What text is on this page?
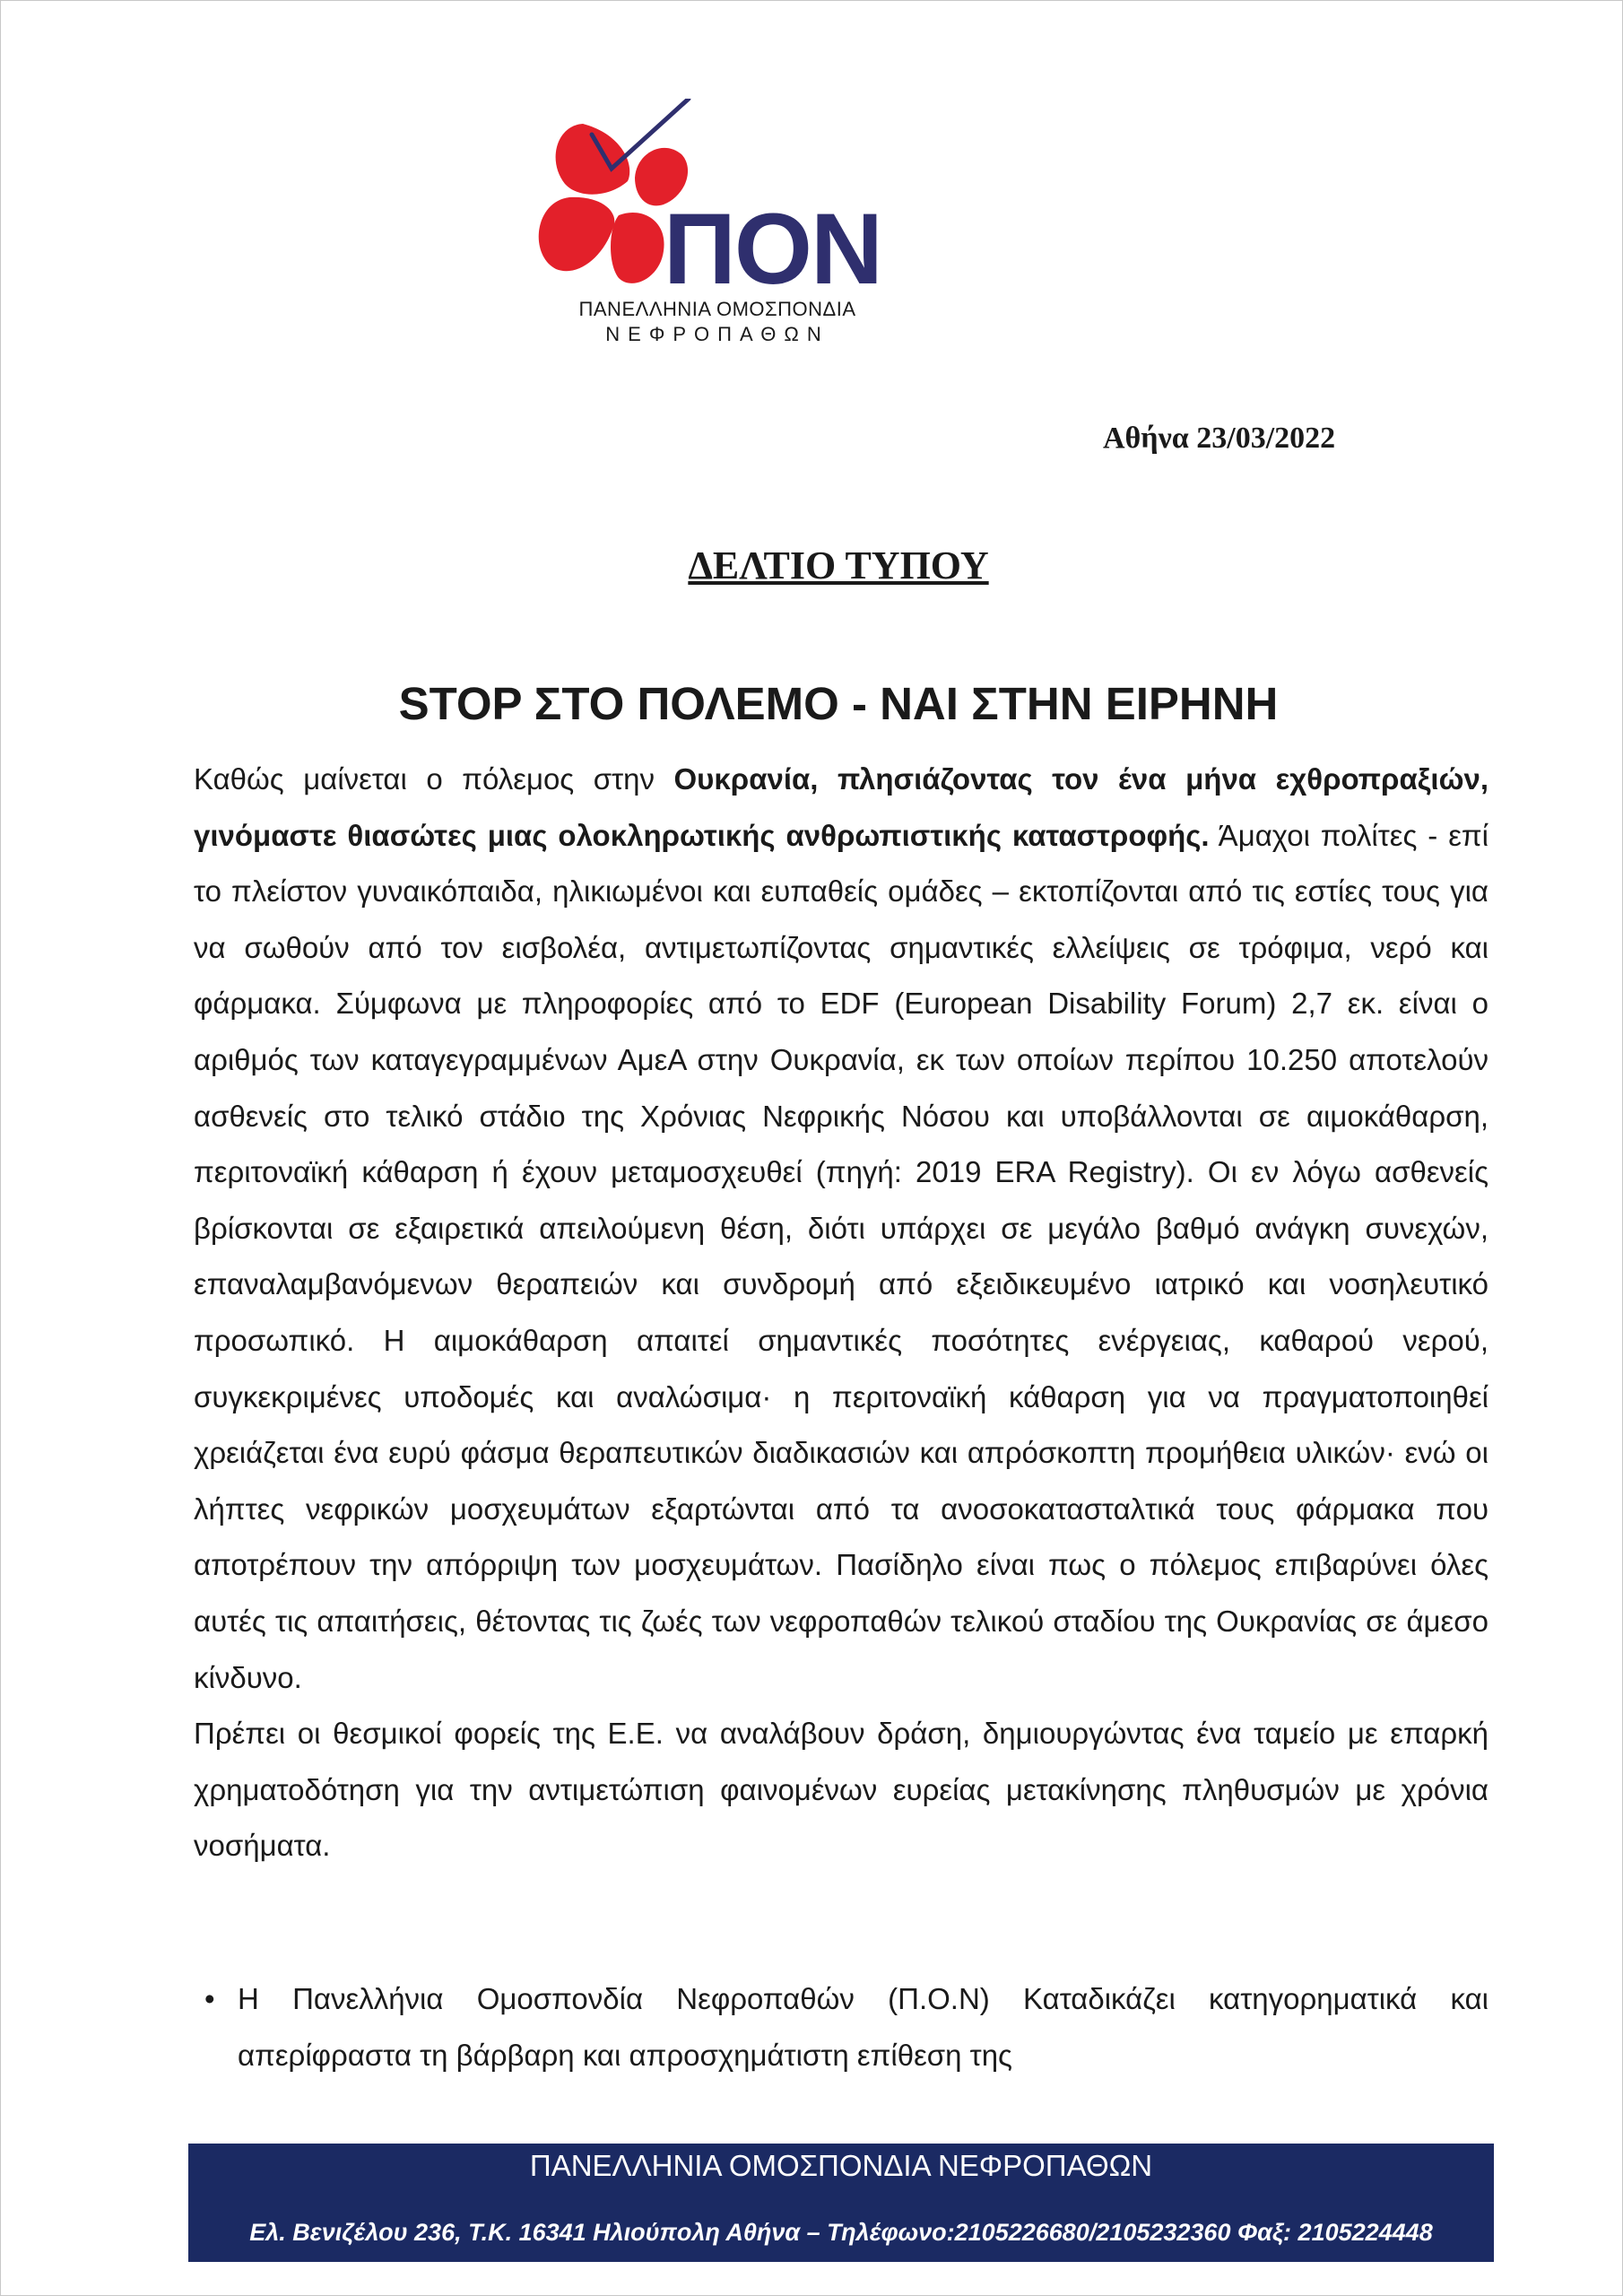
ΠΟΝ
ΠΑΝΕΛΛΗΝΙΑ ΟΜΟΣΠΟΝΔΙΑ
ΝΕΦΡΟΠΑΘΩΝ
Αθήνα 23/03/2022
ΔΕΛΤΙΟ ΤΥΠΟΥ
STOP ΣΤΟ ΠΟΛΕΜΟ - ΝΑΙ ΣΤΗΝ ΕΙΡΗΝΗ

Καθώς μαίνεται ο πόλεμος στην Ουκρανία, πλησιάζοντας τον ένα μήνα εχθροπραξιών, γινόμαστε θιασώτες μιας ολοκληρωτικής ανθρωπιστικής καταστροφής. Άμαχοι πολίτες - επί το πλείστον γυναικόπαιδα, ηλικιωμένοι και ευπαθείς ομάδες – εκτοπίζονται από τις εστίες τους για να σωθούν από τον εισβολέα, αντιμετωπίζοντας σημαντικές ελλείψεις σε τρόφιμα, νερό και φάρμακα. Σύμφωνα με πληροφορίες από το EDF (European Disability Forum) 2,7 εκ. είναι ο αριθμός των καταγεγραμμένων ΑμεΑ στην Ουκρανία, εκ των οποίων περίπου 10.250 αποτελούν ασθενείς στο τελικό στάδιο της Χρόνιας Νεφρικής Νόσου και υποβάλλονται σε αιμοκάθαρση, περιτοναϊκή κάθαρση ή έχουν μεταμοσχευθεί (πηγή: 2019 ERA Registry). Οι εν λόγω ασθενείς βρίσκονται σε εξαιρετικά απειλούμενη θέση, διότι υπάρχει σε μεγάλο βαθμό ανάγκη συνεχών, επαναλαμβανόμενων θεραπειών και συνδρομή από εξειδικευμένο ιατρικό και νοσηλευτικό προσωπικό. Η αιμοκάθαρση απαιτεί σημαντικές ποσότητες ενέργειας, καθαρού νερού, συγκεκριμένες υποδομές και αναλώσιμα· η περιτοναϊκή κάθαρση για να πραγματοποιηθεί χρειάζεται ένα ευρύ φάσμα θεραπευτικών διαδικασιών και απρόσκοπτη προμήθεια υλικών· ενώ οι λήπτες νεφρικών μοσχευμάτων εξαρτώνται από τα ανοσοκατασταλτικά τους φάρμακα που αποτρέπουν την απόρριψη των μοσχευμάτων. Πασίδηλο είναι πως ο πόλεμος επιβαρύνει όλες αυτές τις απαιτήσεις, θέτοντας τις ζωές των νεφροπαθών τελικού σταδίου της Ουκρανίας σε άμεσο κίνδυνο.

Πρέπει οι θεσμικοί φορείς της Ε.Ε. να αναλάβουν δράση, δημιουργώντας ένα ταμείο με επαρκή χρηματοδότηση για την αντιμετώπιση φαινομένων ευρείας μετακίνησης πληθυσμών με χρόνια νοσήματα.

• Η Πανελλήνια Ομοσπονδία Νεφροπαθών (Π.Ο.Ν) Καταδικάζει κατηγορηματικά και απερίφραστα τη βάρβαρη και απροσχημάτιστη επίθεση της
ΠΑΝΕΛΛΗΝΙΑ ΟΜΟΣΠΟΝΔΙΑ ΝΕΦΡΟΠΑΘΩΝ
Ελ. Βενιζέλου 236, Τ.Κ. 16341 Ηλιούπολη Αθήνα – Τηλέφωνο:2105226680/2105232360 Φαξ: 2105224448
